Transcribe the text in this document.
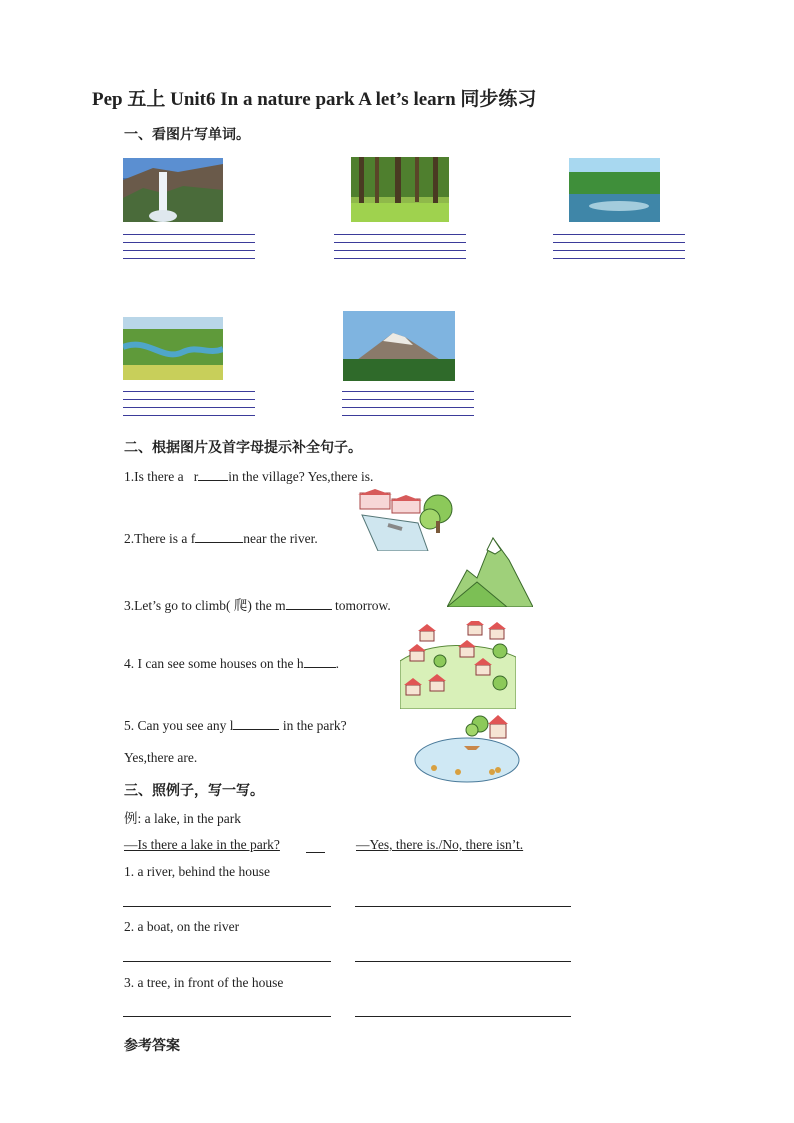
Pep 五上 Unit6 In a nature park A let’s learn 同步练习
一、看图片写单词。
二、根据图片及首字母提示补全句子。
1.Is there a r in the village? Yes,there is.
2.There is a f	near the river.
3.Let’s go to climb( 爬) the m	tomorrow.
4. I can see some houses on the h .
5. Can you see any l	in the park?
Yes,there are.
三、照例子，写一写。
例: a lake, in the park
—Is there a lake in the park?	—Yes, there is./No, there isn’t.
1. a river, behind the house
2. a boat, on the river
3. a tree, in front of the house
参考答案
